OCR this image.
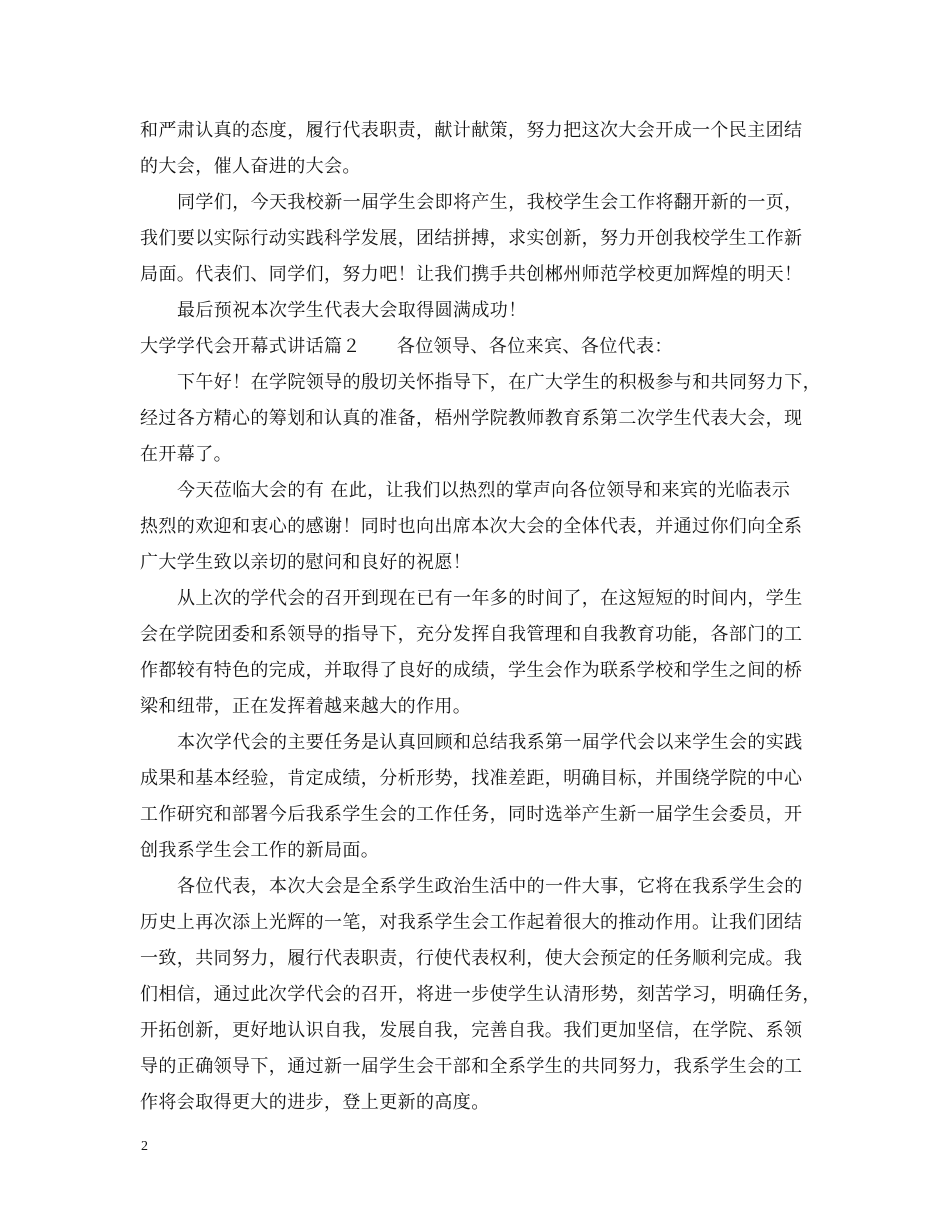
和严肃认真的态度，履行代表职责，献计献策，努力把这次大会开成一个民主团结
的大会，催人奋进的大会。
同学们，今天我校新一届学生会即将产生，我校学生会工作将翻开新的一页，
我们要以实际行动实践科学发展，团结拼搏，求实创新，努力开创我校学生工作新
局面。代表们、同学们，努力吧！让我们携手共创郴州师范学校更加辉煌的明天！
最后预祝本次学生代表大会取得圆满成功！
大学学代会开幕式讲话篇２ 各位领导、各位来宾、各位代表：
下午好！在学院领导的殷切关怀指导下，在广大学生的积极参与和共同努力下，
经过各方精心的筹划和认真的准备，梧州学院教师教育系第二次学生代表大会，现
在开幕了。
今天莅临大会的有 在此，让我们以热烈的掌声向各位领导和来宾的光临表示
热烈的欢迎和衷心的感谢！同时也向出席本次大会的全体代表，并通过你们向全系
广大学生致以亲切的慰问和良好的祝愿！
从上次的学代会的召开到现在已有一年多的时间了，在这短短的时间内，学生
会在学院团委和系领导的指导下，充分发挥自我管理和自我教育功能，各部门的工
作都较有特色的完成，并取得了良好的成绩，学生会作为联系学校和学生之间的桥
梁和纽带，正在发挥着越来越大的作用。
本次学代会的主要任务是认真回顾和总结我系第一届学代会以来学生会的实践
成果和基本经验，肯定成绩，分析形势，找准差距，明确目标，并围绕学院的中心
工作研究和部署今后我系学生会的工作任务，同时选举产生新一届学生会委员，开
创我系学生会工作的新局面。
各位代表，本次大会是全系学生政治生活中的一件大事，它将在我系学生会的
历史上再次添上光辉的一笔，对我系学生会工作起着很大的推动作用。让我们团结
一致，共同努力，履行代表职责，行使代表权利，使大会预定的任务顺利完成。我
们相信，通过此次学代会的召开，将进一步使学生认清形势，刻苦学习，明确任务，
开拓创新，更好地认识自我，发展自我，完善自我。我们更加坚信，在学院、系领
导的正确领导下，通过新一届学生会干部和全系学生的共同努力，我系学生会的工
作将会取得更大的进步，登上更新的高度。
2
